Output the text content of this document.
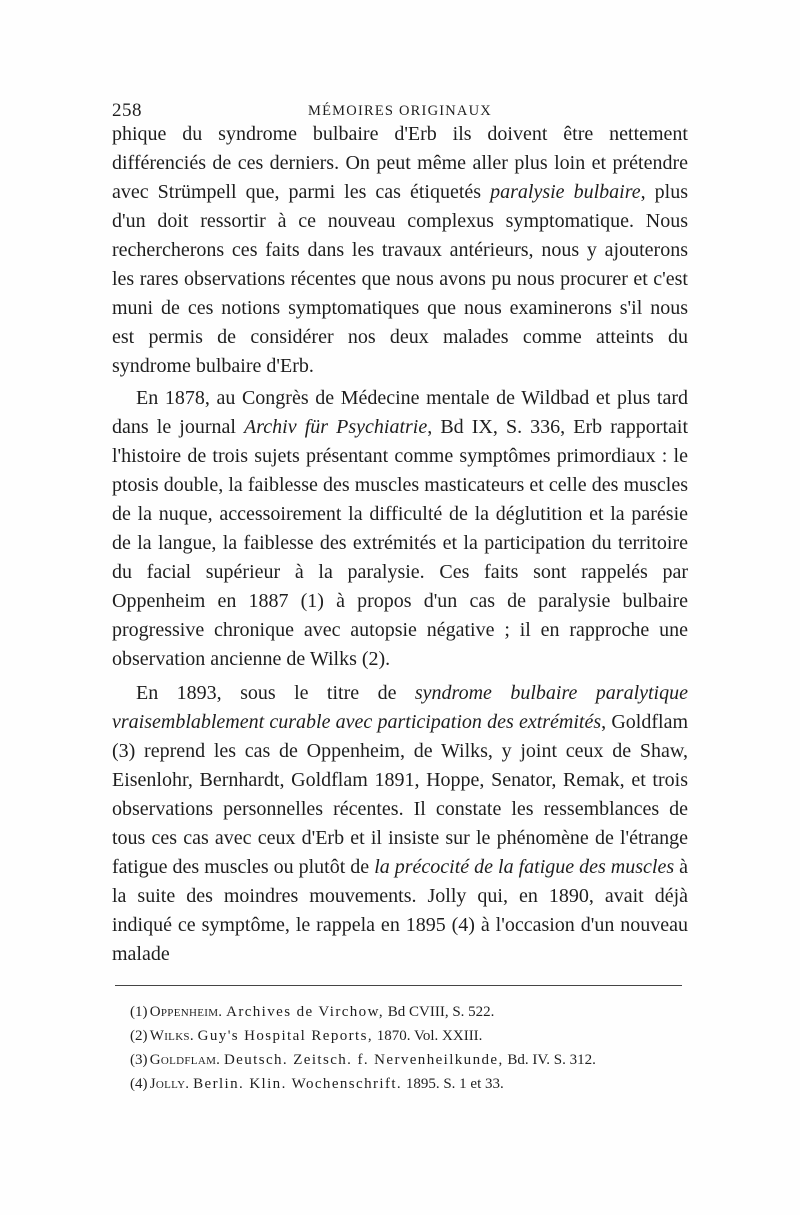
258	MÉMOIRES ORIGINAUX

phique du syndrome bulbaire d'Erb ils doivent être nettement différenciés de ces derniers. On peut même aller plus loin et prétendre avec Strümpell que, parmi les cas étiquetés paralysie bulbaire, plus d'un doit ressortir à ce nouveau complexus symptomatique. Nous rechercherons ces faits dans les travaux antérieurs, nous y ajouterons les rares observations récentes que nous avons pu nous procurer et c'est muni de ces notions symptomatiques que nous examinerons s'il nous est permis de considérer nos deux malades comme atteints du syndrome bulbaire d'Erb.

En 1878, au Congrès de Médecine mentale de Wildbad et plus tard dans le journal Archiv für Psychiatrie, Bd IX, S. 336, Erb rapportait l'histoire de trois sujets présentant comme symptômes primordiaux : le ptosis double, la faiblesse des muscles masticateurs et celle des muscles de la nuque, accessoirement la difficulté de la déglutition et la parésie de la langue, la faiblesse des extrémités et la participation du territoire du facial supérieur à la paralysie. Ces faits sont rappelés par Oppenheim en 1887 (1) à propos d'un cas de paralysie bulbaire progressive chronique avec autopsie négative ; il en rapproche une observation ancienne de Wilks (2).

En 1893, sous le titre de syndrome bulbaire paralytique vraisemblablement curable avec participation des extrémités, Goldflam (3) reprend les cas de Oppenheim, de Wilks, y joint ceux de Shaw, Eisenlohr, Bernhardt, Goldflam 1891, Hoppe, Senator, Remak, et trois observations personnelles récentes. Il constate les ressemblances de tous ces cas avec ceux d'Erb et il insiste sur le phénomène de l'étrange fatigue des muscles ou plutôt de la précocité de la fatigue des muscles à la suite des moindres mouvements. Jolly qui, en 1890, avait déjà indiqué ce symptôme, le rappela en 1895 (4) à l'occasion d'un nouveau malade

(1) Oppenheim. Archives de Virchow, Bd CVIII, S. 522.

(2) Wilks. Guy's Hospital Reports, 1870. Vol. XXIII.

(3) Goldflam. Deutsch. Zeitsch. f. Nervenheilkunde, Bd. IV. S. 312.

(4) Jolly. Berlin. Klin. Wochenschrift. 1895. S. 1 et 33.
